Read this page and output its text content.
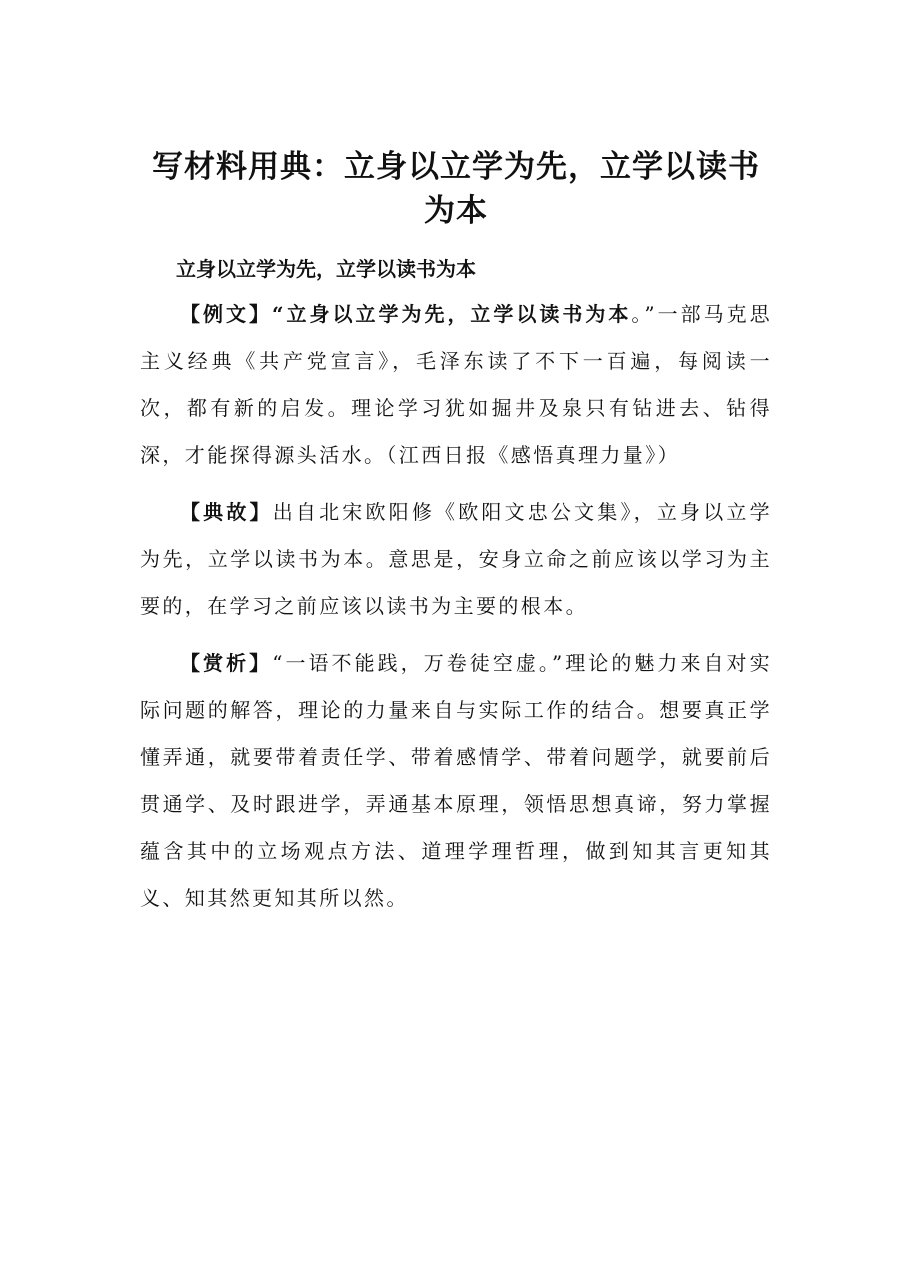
写材料用典：立身以立学为先，立学以读书为本
立身以立学为先，立学以读书为本

【例文】“立身以立学为先，立学以读书为本。”一部马克思主义经典《共产党宣言》，毛泽东读了不下一百遍，每阅读一次，都有新的启发。理论学习犹如掘井及泉只有钻进去、钻得深，才能探得源头活水。（江西日报《感悟真理力量》）

【典故】出自北宋欧阳修《欧阳文忠公文集》，立身以立学为先，立学以读书为本。意思是，安身立命之前应该以学习为主要的，在学习之前应该以读书为主要的根本。

【赏析】“一语不能践，万卷徒空虚。”理论的魅力来自对实际问题的解答，理论的力量来自与实际工作的结合。想要真正学懂弄通，就要带着责任学、带着感情学、带着问题学，就要前后贯通学、及时跟进学，弄通基本原理，领悟思想真谛，努力掌握蕴含其中的立场观点方法、道理学理哲理，做到知其言更知其义、知其然更知其所以然。
